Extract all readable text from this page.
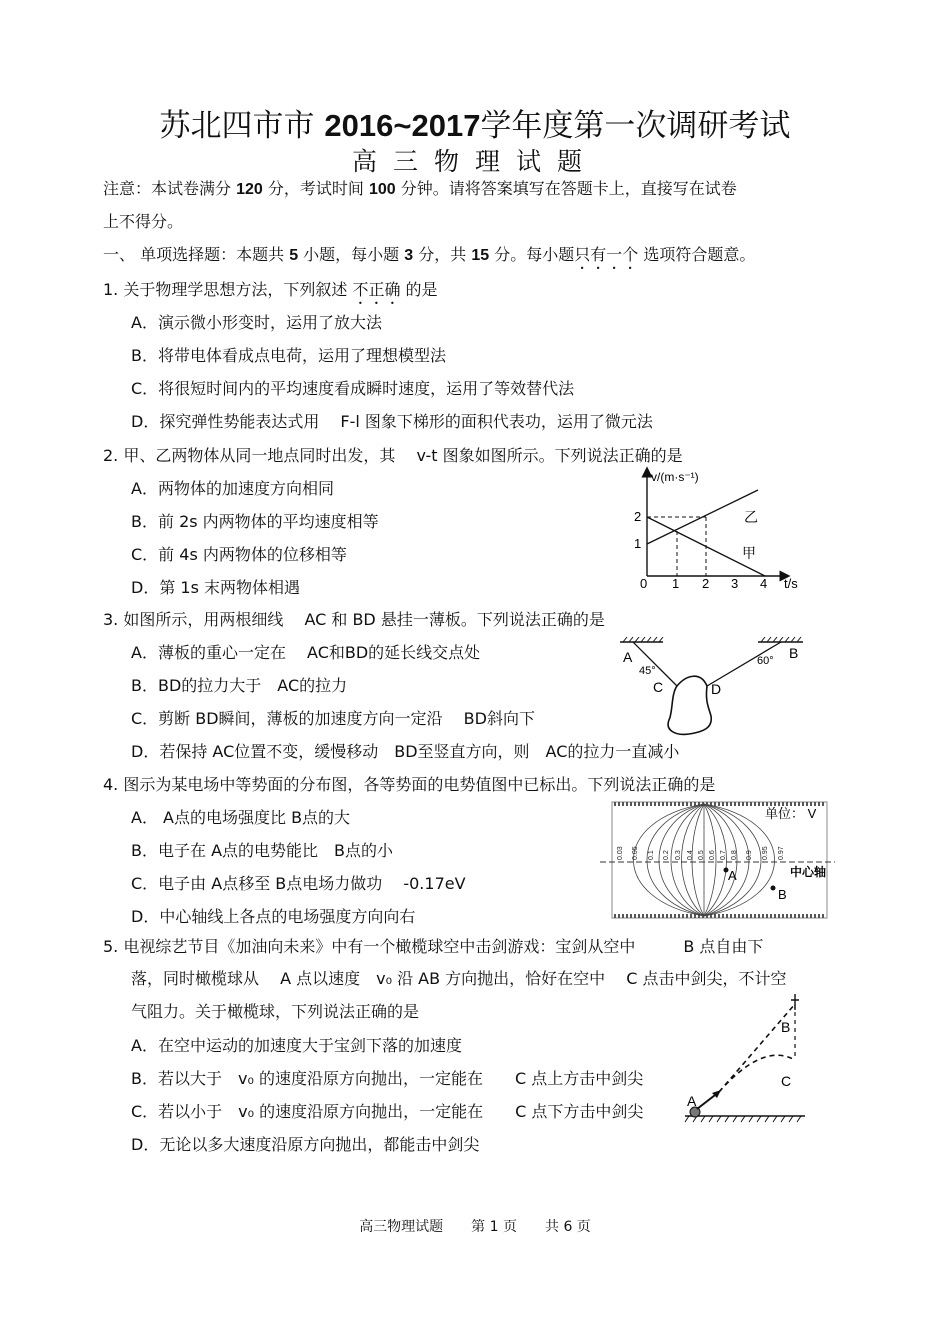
苏北四市市 2016~2017学年度第一次调研考试
高三物理试题
注意：本试卷满分 120 分，考试时间 100 分钟。请将答案填写在答题卡上，直接写在试卷
上不得分。
一、 单项选择题：本题共 5 小题，每小题 3 分，共 15 分。每小题只有一个 选项符合题意。
1. 关于物理学思想方法，下列叙述 不正确 的是
A．演示微小形变时，运用了放大法
B．将带电体看成点电荷，运用了理想模型法
C．将很短时间内的平均速度看成瞬时速度，运用了等效替代法
D．探究弹性势能表达式用　 F-l 图象下梯形的面积代表功，运用了微元法
2. 甲、乙两物体从同一地点同时出发，其　 v-t 图象如图所示。下列说法正确的是
A．两物体的加速度方向相同
B．前 2s 内两物体的平均速度相等
C．前 4s 内两物体的位移相等
D．第 1s 末两物体相遇
v/(m·s⁻¹)
t/s
0 1 2 3 4
1
2	乙
甲
3. 如图所示，用两根细线　 AC 和 BD 悬挂一薄板。下列说法正确的是
A．薄板的重心一定在　 AC和BD的延长线交点处
B．BD的拉力大于　AC的拉力
C．剪断 BD瞬间，薄板的加速度方向一定沿　 BD斜向下
D．若保持 AC位置不变，缓慢移动　BD至竖直方向，则　AC的拉力一直减小
A	B
C	D
45°
60°
4. 图示为某电场中等势面的分布图，各等势面的电势值图中已标出。下列说法正确的是
A． A点的电场强度比 B点的大
B．电子在 A点的电势能比　B点的小
C．电子由 A点移至 B点电场力做功　 -0.17eV
D．中心轴线上各点的电场强度方向向右
单位： V
0.03 0.05 0.1 0.2 0.3 0.4 0.5 0.6 0.7 0.8 0.9 0.95 0.97
中心轴
A
B
5. 电视综艺节目《加油向未来》中有一个橄榄球空中击剑游戏：宝剑从空中　　　B 点自由下
落，同时橄榄球从　 A 点以速度　v₀ 沿 AB 方向抛出，恰好在空中　 C 点击中剑尖，不计空
气阻力。关于橄榄球，下列说法正确的是
A．在空中运动的加速度大于宝剑下落的加速度
B．若以大于　v₀ 的速度沿原方向抛出，一定能在　　C 点上方击中剑尖
C．若以小于　v₀ 的速度沿原方向抛出，一定能在　　C 点下方击中剑尖
D．无论以多大速度沿原方向抛出，都能击中剑尖
A
B
C
高三物理试题　　第 1 页　　共 6 页
